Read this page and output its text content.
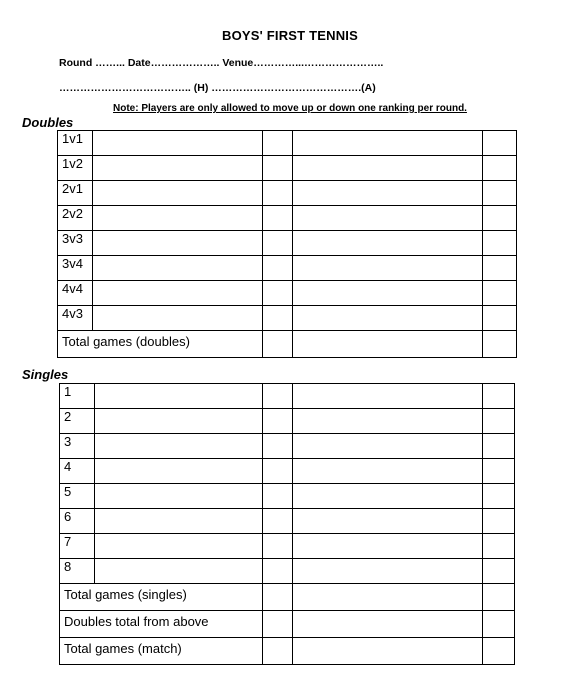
BOYS' FIRST TENNIS
Round ……... Date……………….. Venue…………...…………………..
……………………………….. (H) …………………………………….(A)
Note: Players are only allowed to move up or down one ranking per round.
Doubles
1v1				
1v2				
2v1				
2v2				
3v3				
3v4				
4v4				
4v3				
Total games (doubles)				
Singles
1				
2				
3				
4				
5				
6				
7				
8				
Total games (singles)				
Doubles total from above				
Total games (match)				
